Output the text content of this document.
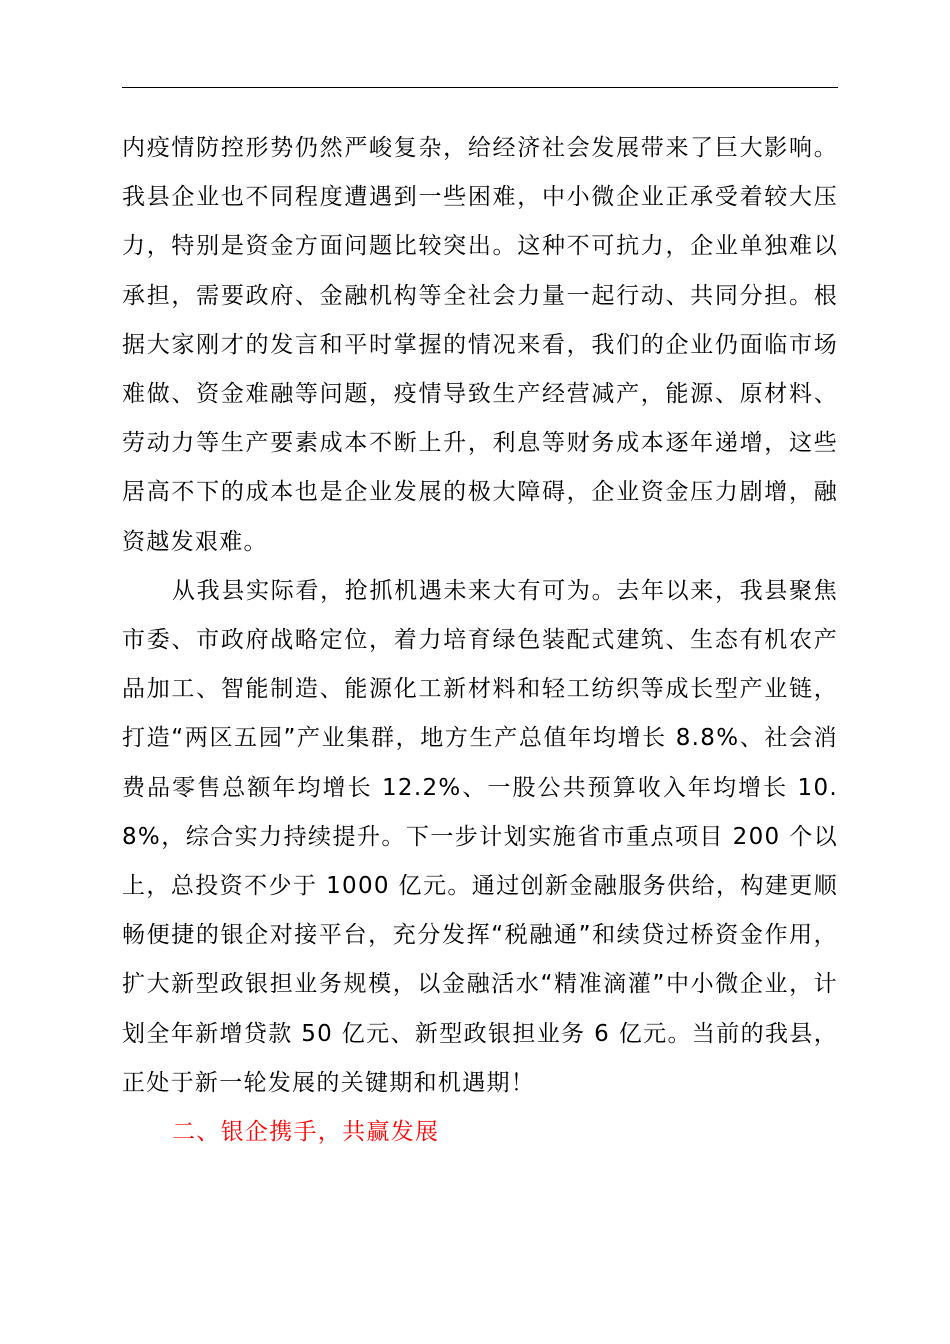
内疫情防控形势仍然严峻复杂，给经济社会发展带来了巨大影响。我县企业也不同程度遭遇到一些困难，中小微企业正承受着较大压力，特别是资金方面问题比较突出。这种不可抗力，企业单独难以承担，需要政府、金融机构等全社会力量一起行动、共同分担。根据大家刚才的发言和平时掌握的情况来看，我们的企业仍面临市场难做、资金难融等问题，疫情导致生产经营减产，能源、原材料、劳动力等生产要素成本不断上升，利息等财务成本逐年递增，这些居高不下的成本也是企业发展的极大障碍，企业资金压力剧增，融资越发艰难。

从我县实际看，抢抓机遇未来大有可为。去年以来，我县聚焦市委、市政府战略定位，着力培育绿色装配式建筑、生态有机农产品加工、智能制造、能源化工新材料和轻工纺织等成长型产业链，打造“两区五园”产业集群，地方生产总值年均增长 8.8%、社会消费品零售总额年均增长 12.2%、一股公共预算收入年均增长 10.8%，综合实力持续提升。下一步计划实施省市重点项目 200 个以上，总投资不少于 1000 亿元。通过创新金融服务供给，构建更顺畅便捷的银企对接平台，充分发挥“税融通”和续贷过桥资金作用，扩大新型政银担业务规模，以金融活水“精准滴灌”中小微企业，计划全年新增贷款 50 亿元、新型政银担业务 6 亿元。当前的我县，正处于新一轮发展的关键期和机遇期！

二、银企携手，共赢发展
